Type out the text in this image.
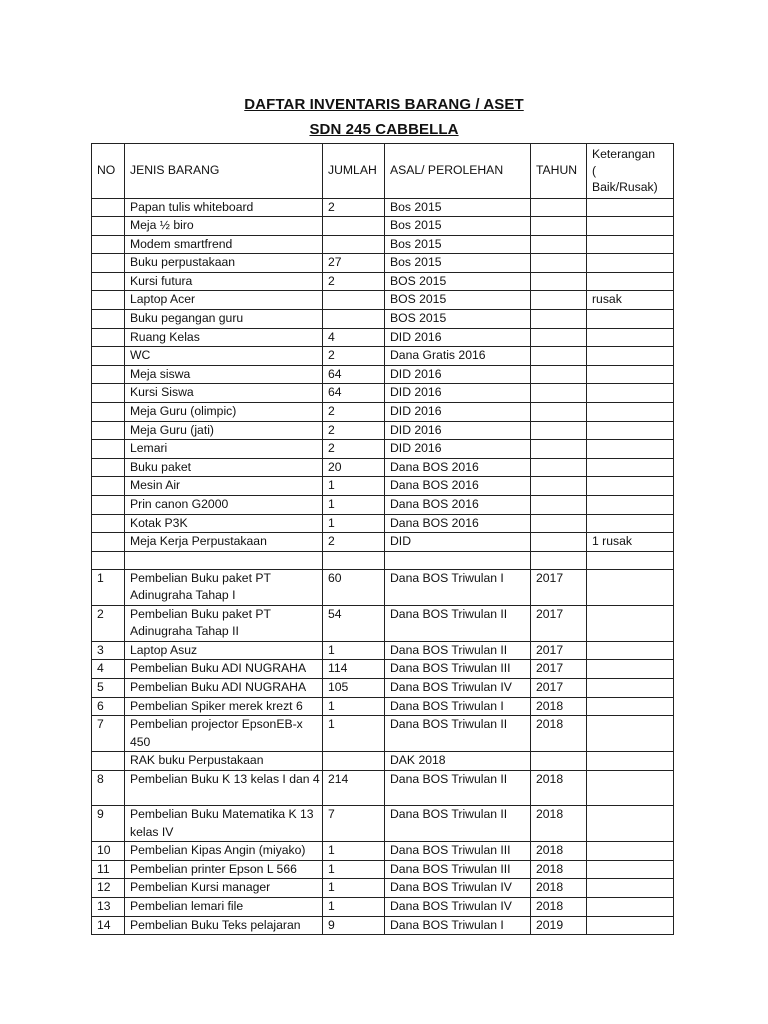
DAFTAR INVENTARIS BARANG / ASET
SDN 245 CABBELLA
NO	JENIS BARANG	JUMLAH	ASAL/ PEROLEHAN	TAHUN	Keterangan
(
Baik/Rusak)

	Papan tulis whiteboard	2	Bos 2015		
	Meja ½ biro		Bos 2015		
	Modem smartfrend		Bos 2015		
	Buku perpustakaan	27	Bos 2015		
	Kursi futura	2	BOS 2015		
	Laptop Acer		BOS 2015		rusak
	Buku pegangan guru		BOS 2015		
	Ruang Kelas	4	DID 2016		
	WC	2	Dana Gratis 2016		
	Meja siswa	64	DID 2016		
	Kursi Siswa	64	DID 2016		
	Meja Guru (olimpic)	2	DID 2016		
	Meja Guru (jati)	2	DID 2016		
	Lemari	2	DID 2016		
	Buku paket	20	Dana BOS 2016		
	Mesin Air	1	Dana BOS 2016		
	Prin canon G2000	1	Dana BOS 2016		
	Kotak P3K	1	Dana BOS 2016		
	Meja Kerja Perpustakaan	2	DID		1 rusak

1	Pembelian Buku paket PT Adinugraha Tahap I	60	Dana BOS Triwulan I	2017	
2	Pembelian Buku paket PT Adinugraha Tahap II	54	Dana BOS Triwulan II	2017	
3	Laptop Asuz	1	Dana BOS Triwulan II	2017	
4	Pembelian Buku ADI NUGRAHA	114	Dana BOS Triwulan III	2017	
5	Pembelian Buku ADI NUGRAHA	105	Dana BOS Triwulan IV	2017	
6	Pembelian Spiker merek krezt 6	1	Dana BOS Triwulan I	2018	
7	Pembelian projector EpsonEB-x 450	1	Dana BOS Triwulan II	2018	
	RAK buku Perpustakaan		DAK 2018		
8	Pembelian Buku K 13 kelas I dan 4	214	Dana BOS Triwulan II	2018	
9	Pembelian Buku Matematika K 13 kelas IV	7	Dana BOS Triwulan II	2018	
10	Pembelian Kipas Angin (miyako)	1	Dana BOS Triwulan III	2018	
11	Pembelian printer Epson L 566	1	Dana BOS Triwulan III	2018	
12	Pembelian Kursi manager	1	Dana BOS Triwulan IV	2018	
13	Pembelian lemari file	1	Dana BOS Triwulan IV	2018	
14	Pembelian Buku Teks pelajaran	9	Dana BOS Triwulan I	2019	
